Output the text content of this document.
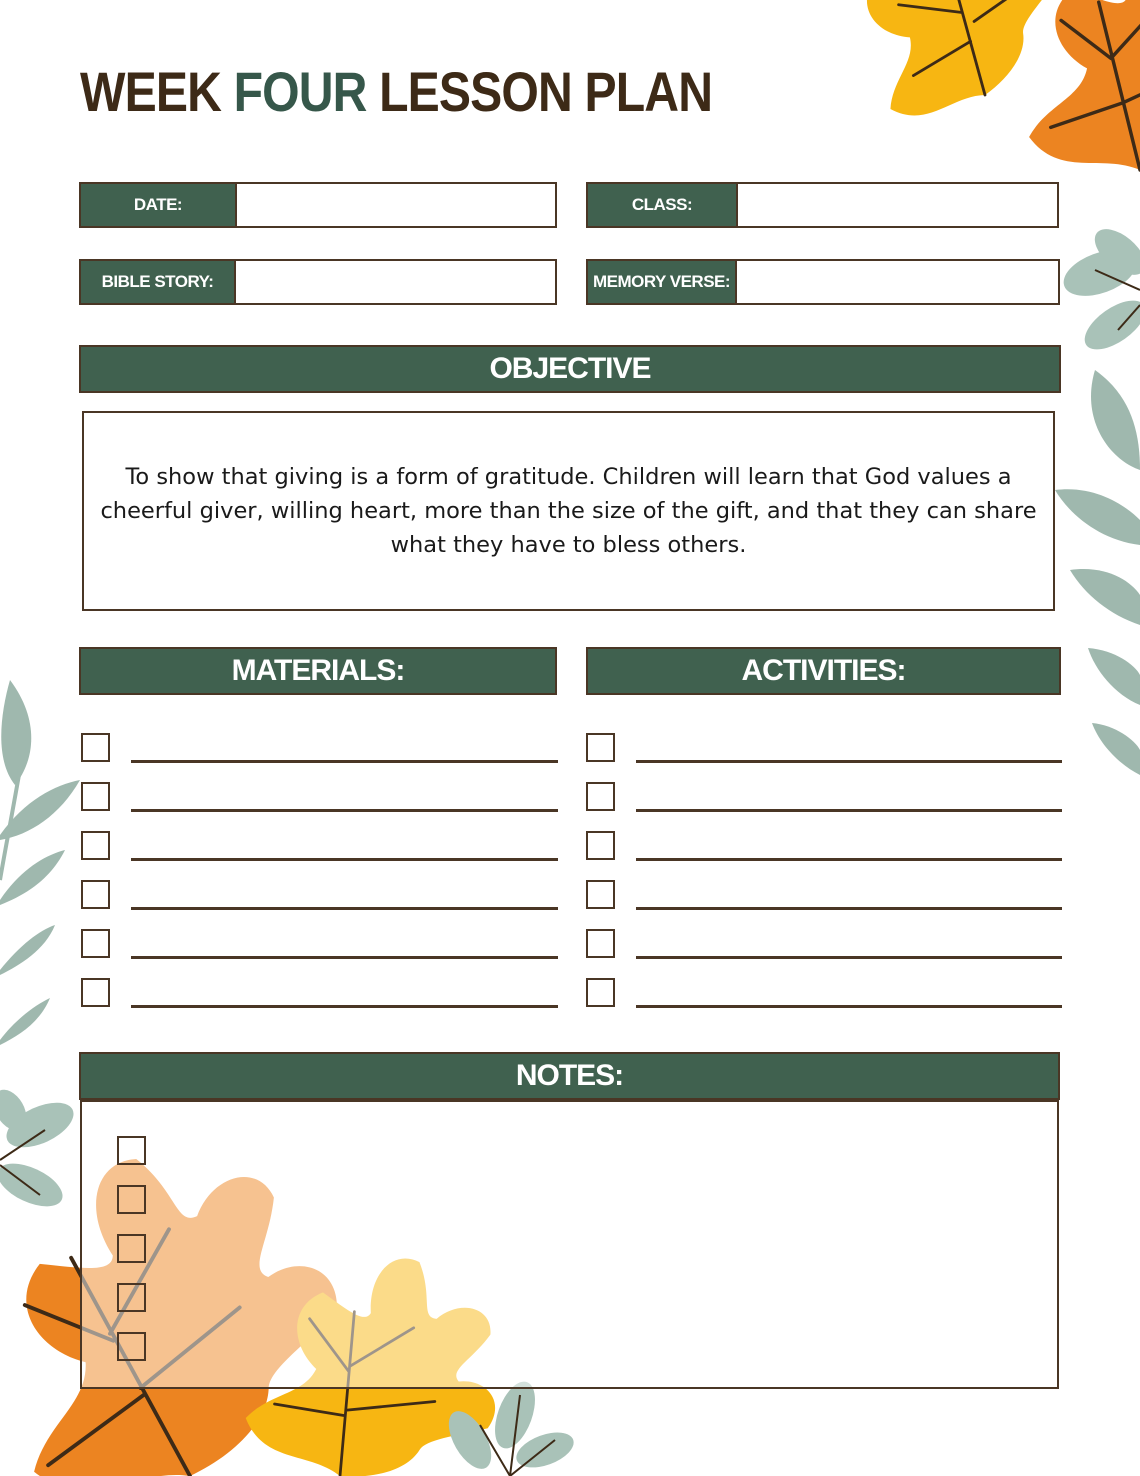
WEEK FOUR LESSON PLAN
DATE:	CLASS:
BIBLE STORY:	MEMORY VERSE:
OBJECTIVE

To show that giving is a form of gratitude. Children will learn that God values a cheerful giver, willing heart, more than the size of the gift, and that they can share what they have to bless others.

MATERIALS:	ACTIVITIES:
NOTES:
